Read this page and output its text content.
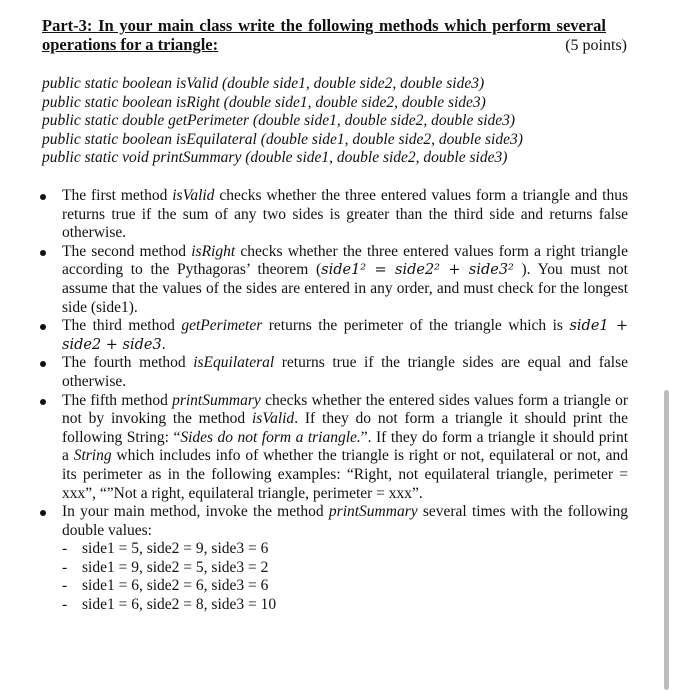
Part-3: In your main class write the following methods which perform several
operations for a triangle:	(5 points)
public static boolean isValid (double side1, double side2, double side3)
public static boolean isRight (double side1, double side2, double side3)
public static double getPerimeter (double side1, double side2, double side3)
public static boolean isEquilateral (double side1, double side2, double side3)
public static void printSummary (double side1, double side2, double side3)
The first method isValid checks whether the three entered values form a triangle and thus returns true if the sum of any two sides is greater than the third side and returns false otherwise.
The second method isRight checks whether the three entered values form a right triangle according to the Pythagoras’ theorem (side1² = side2² + side3² ). You must not assume that the values of the sides are entered in any order, and must check for the longest side (side1).
The third method getPerimeter returns the perimeter of the triangle which is side1 + side2 + side3.
The fourth method isEquilateral returns true if the triangle sides are equal and false otherwise.
The fifth method printSummary checks whether the entered sides values form a triangle or not by invoking the method isValid. If they do not form a triangle it should print the following String: “Sides do not form a triangle.”. If they do form a triangle it should print a String which includes info of whether the triangle is right or not, equilateral or not, and its perimeter as in the following examples: “Right, not equilateral triangle, perimeter = xxx”, “”Not a right, equilateral triangle, perimeter = xxx”.
In your main method, invoke the method printSummary several times with the following double values:
- side1 = 5, side2 = 9, side3 = 6
- side1 = 9, side2 = 5, side3 = 2
- side1 = 6, side2 = 6, side3 = 6
- side1 = 6, side2 = 8, side3 = 10
